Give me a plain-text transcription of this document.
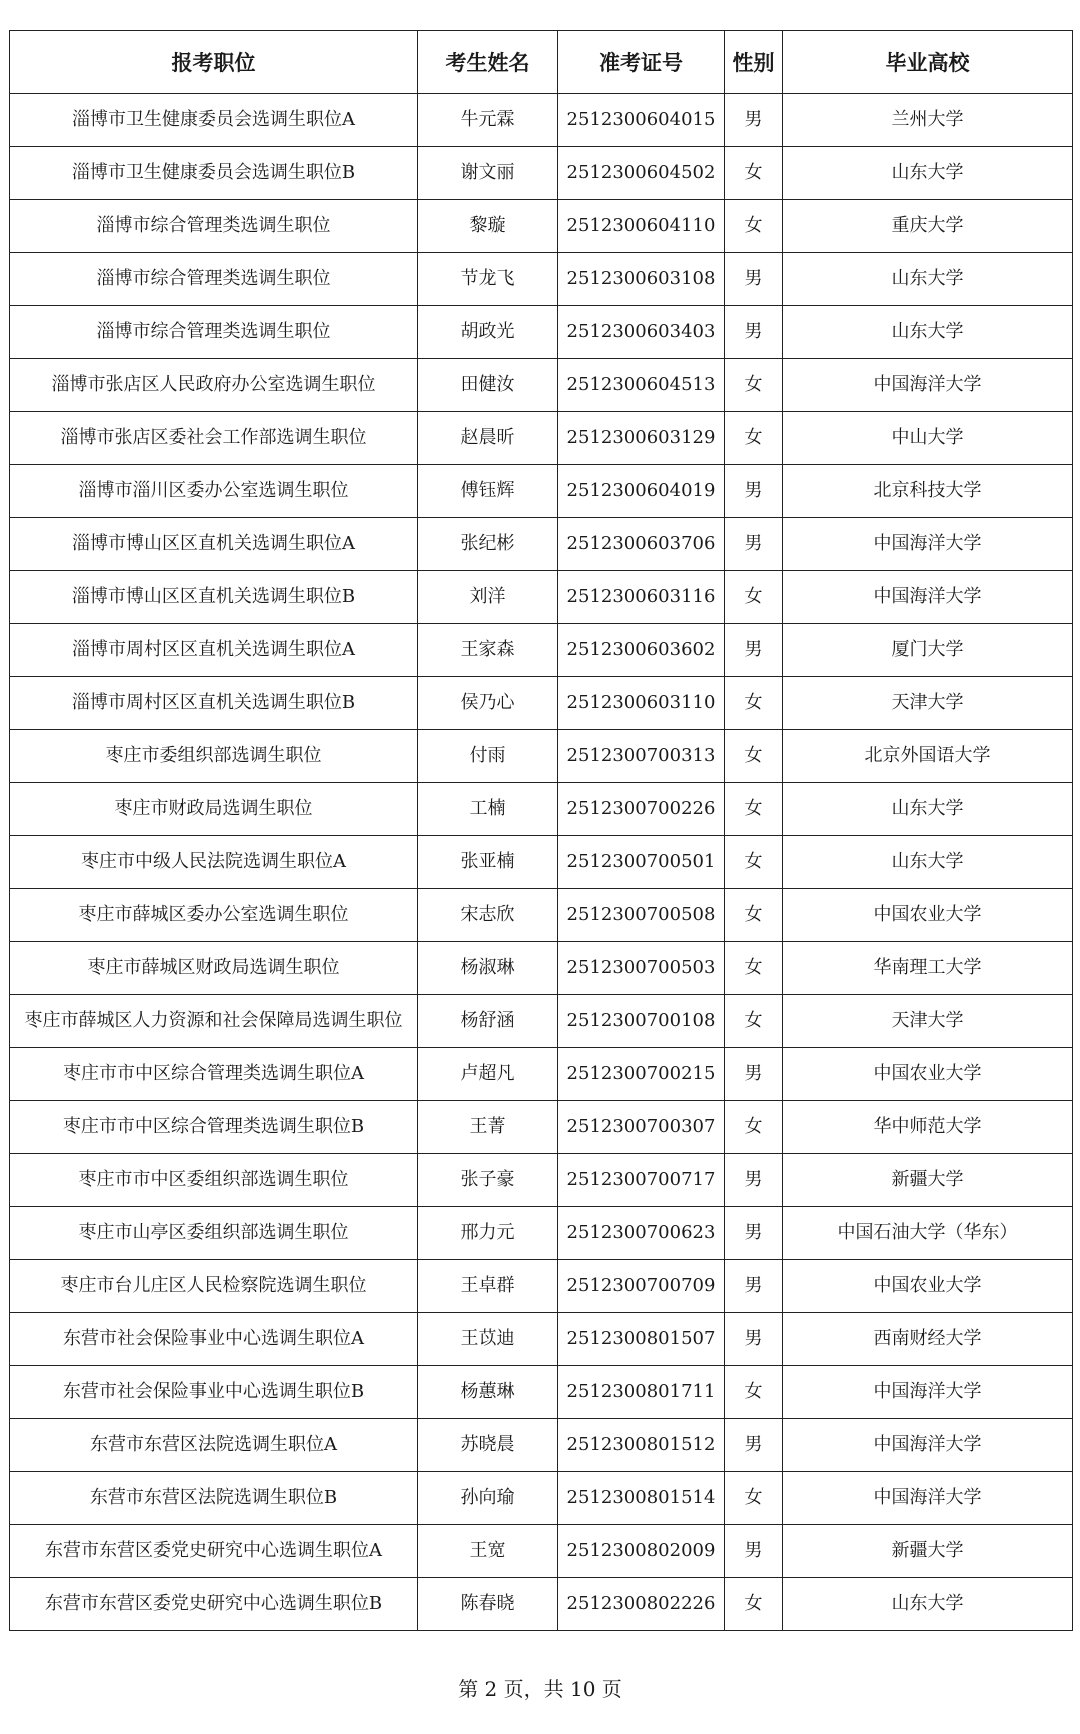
报考职位	考生姓名	准考证号	性别	毕业高校
淄博市卫生健康委员会选调生职位A	牛元霖	2512300604015	男	兰州大学
淄博市卫生健康委员会选调生职位B	谢文丽	2512300604502	女	山东大学
淄博市综合管理类选调生职位	黎璇	2512300604110	女	重庆大学
淄博市综合管理类选调生职位	节龙飞	2512300603108	男	山东大学
淄博市综合管理类选调生职位	胡政光	2512300603403	男	山东大学
淄博市张店区人民政府办公室选调生职位	田健汝	2512300604513	女	中国海洋大学
淄博市张店区委社会工作部选调生职位	赵晨昕	2512300603129	女	中山大学
淄博市淄川区委办公室选调生职位	傅钰辉	2512300604019	男	北京科技大学
淄博市博山区区直机关选调生职位A	张纪彬	2512300603706	男	中国海洋大学
淄博市博山区区直机关选调生职位B	刘洋	2512300603116	女	中国海洋大学
淄博市周村区区直机关选调生职位A	王家森	2512300603602	男	厦门大学
淄博市周村区区直机关选调生职位B	侯乃心	2512300603110	女	天津大学
枣庄市委组织部选调生职位	付雨	2512300700313	女	北京外国语大学
枣庄市财政局选调生职位	工楠	2512300700226	女	山东大学
枣庄市中级人民法院选调生职位A	张亚楠	2512300700501	女	山东大学
枣庄市薛城区委办公室选调生职位	宋志欣	2512300700508	女	中国农业大学
枣庄市薛城区财政局选调生职位	杨淑琳	2512300700503	女	华南理工大学
枣庄市薛城区人力资源和社会保障局选调生职位	杨舒涵	2512300700108	女	天津大学
枣庄市市中区综合管理类选调生职位A	卢超凡	2512300700215	男	中国农业大学
枣庄市市中区综合管理类选调生职位B	王菁	2512300700307	女	华中师范大学
枣庄市市中区委组织部选调生职位	张子豪	2512300700717	男	新疆大学
枣庄市山亭区委组织部选调生职位	邢力元	2512300700623	男	中国石油大学（华东）
枣庄市台儿庄区人民检察院选调生职位	王卓群	2512300700709	男	中国农业大学
东营市社会保险事业中心选调生职位A	王苡迪	2512300801507	男	西南财经大学
东营市社会保险事业中心选调生职位B	杨蕙琳	2512300801711	女	中国海洋大学
东营市东营区法院选调生职位A	苏晓晨	2512300801512	男	中国海洋大学
东营市东营区法院选调生职位B	孙向瑜	2512300801514	女	中国海洋大学
东营市东营区委党史研究中心选调生职位A	王宽	2512300802009	男	新疆大学
东营市东营区委党史研究中心选调生职位B	陈春晓	2512300802226	女	山东大学
第 2 页，共 10 页
